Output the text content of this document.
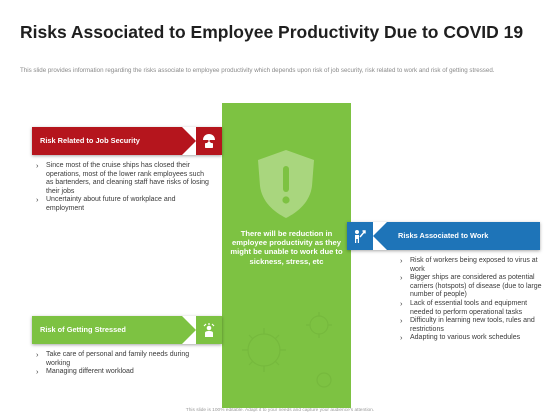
Risks Associated to Employee Productivity Due to COVID 19
This slide provides information regarding the risks associate to employee productivity which depends upon risk of job security, risk related to work and risk of getting stressed.
There will be reduction in employee productivity as they might be unable to work due to sickness, stress, etc
Risk Related to Job Security
› Since most of the cruise ships has closed their operations, most of the lower rank employees such as bartenders, and cleaning staff have risks of losing their jobs
› Uncertainty about future of workplace and employment
Risks Associated to Work
› Risk of workers being exposed to virus at work
› Bigger ships are considered as potential carriers (hotspots) of disease (due to large number of people)
› Lack of essential tools and equipment needed to perform operational tasks
› Difficulty in learning new tools, rules and restrictions
› Adapting to various work schedules
Risk of Getting Stressed
› Take care of personal and family needs during working
› Managing different workload
This slide is 100% editable. Adapt it to your needs and capture your audience's attention.
